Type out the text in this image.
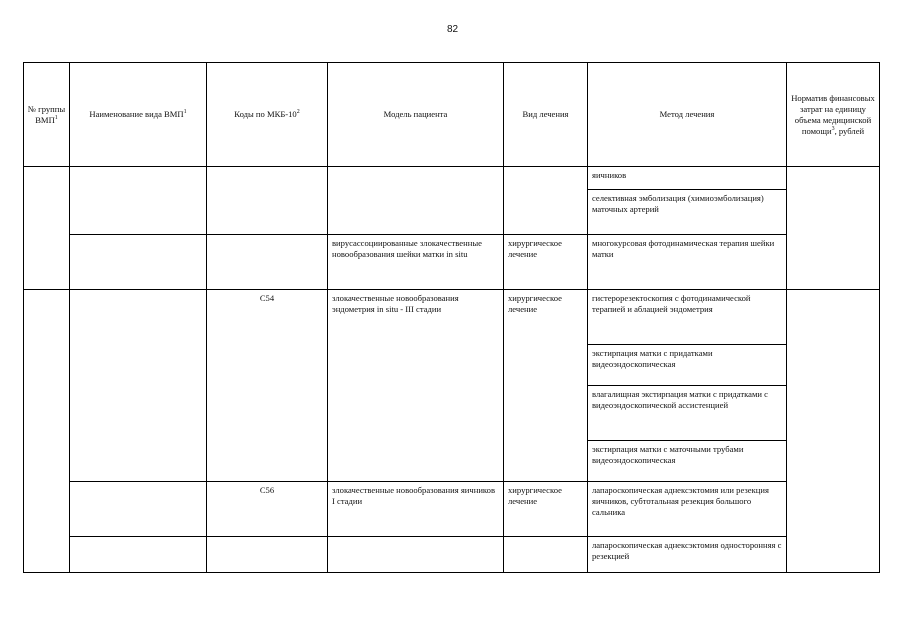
82
№ группы ВМП$^1$	Наименование вида ВМП$^1$	Коды по МКБ-$10^2$	Модель пациента	Вид лечения	Метод лечения	Норматив финансовых затрат на единицу объема медицинской помощи$^3$, рублей
					яичников	
					селективная эмболизация (химиоэмболизация) маточных артерий	
			вирусассоциированные злокачественные новообразования шейки матки in situ	хирургическое лечение	многокурсовая фотодинамическая терапия шейки матки	
		C54	злокачественные новообразования эндометрия in situ - III стадии	хирургическое лечение	гистерорезектоскопия с фотодинамической терапией и аблацией эндометрия	
					экстирпация матки с придатками видеоэндоскопическая	
					влагалищная экстирпация матки с придатками с видеоэндоскопической ассистенцией	
					экстирпация матки с маточными трубами видеоэндоскопическая	
		C56	злокачественные новообразования яичников I стадии	хирургическое лечение	лапароскопическая аднексэктомия или резекция яичников, субтотальная резекция большого сальника	
					лапароскопическая аднексэктомия односторонняя с резекцией	
